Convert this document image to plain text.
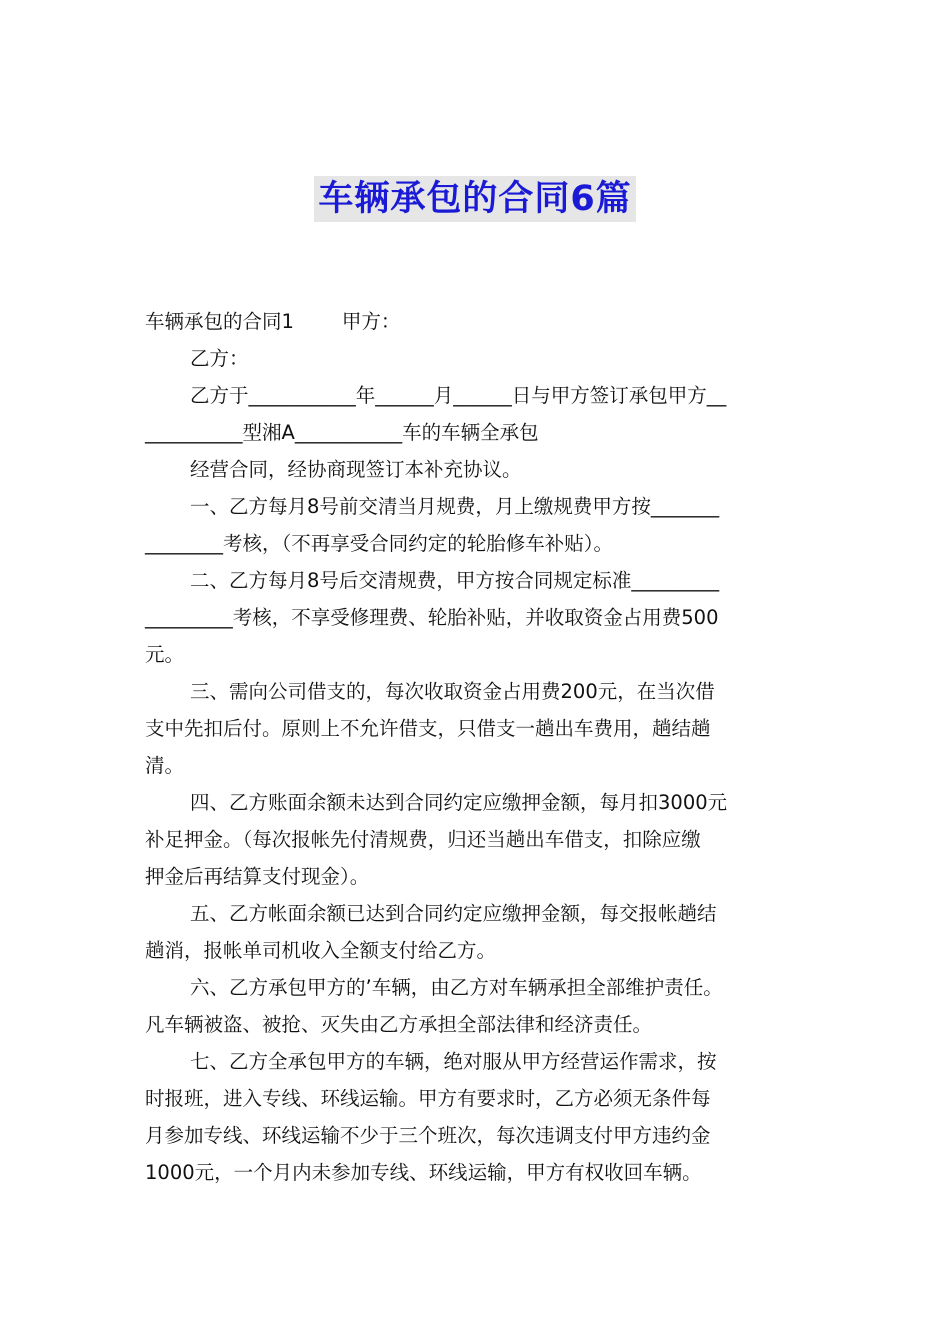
车辆承包的合同6篇
车辆承包的合同1 甲方：
乙方：
乙方于___________年______月______日与甲方签订承包甲方__
__________型湘A___________车的车辆全承包
经营合同，经协商现签订本补充协议。
一、乙方每月8号前交清当月规费，月上缴规费甲方按_______
________考核，（不再享受合同约定的轮胎修车补贴）。
二、乙方每月8号后交清规费，甲方按合同规定标准_________
_________考核，不享受修理费、轮胎补贴，并收取资金占用费500
元。
三、需向公司借支的，每次收取资金占用费200元，在当次借
支中先扣后付。原则上不允许借支，只借支一趟出车费用，趟结趟
清。
四、乙方账面余额未达到合同约定应缴押金额，每月扣3000元
补足押金。（每次报帐先付清规费，归还当趟出车借支，扣除应缴
押金后再结算支付现金）。
五、乙方帐面余额已达到合同约定应缴押金额，每交报帐趟结
趟消，报帐单司机收入全额支付给乙方。
六、乙方承包甲方的’车辆，由乙方对车辆承担全部维护责任。
凡车辆被盗、被抢、灭失由乙方承担全部法律和经济责任。
七、乙方全承包甲方的车辆，绝对服从甲方经营运作需求，按
时报班，进入专线、环线运输。甲方有要求时，乙方必须无条件每
月参加专线、环线运输不少于三个班次，每次违调支付甲方违约金
1000元，一个月内未参加专线、环线运输，甲方有权收回车辆。
